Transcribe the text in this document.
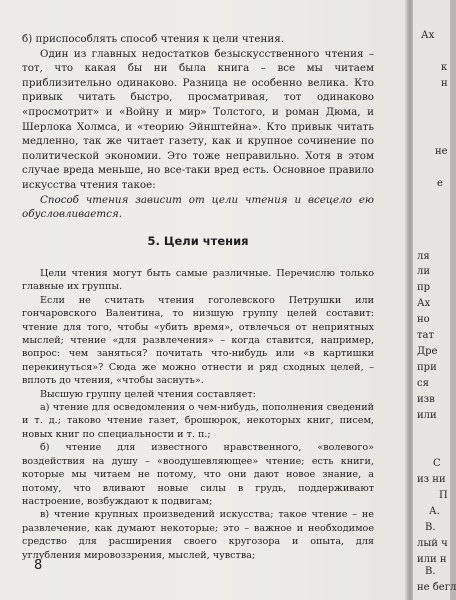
б) приспособлять способ чтения к цели чтения.

Один из главных недостатков безыскусственного чтения – тот, что какая бы ни была книга – все мы читаем приблизительно одинаково. Разница не особенно велика. Кто привык читать быстро, просматривая, тот одинаково «просмотрит» и «Войну и мир» Толстого, и роман Дюма, и Шерлока Холмса, и «теорию Эйнштейна». Кто привык читать медленно, так же читает газету, как и крупное сочинение по политической экономии. Это тоже неправильно. Хотя в этом случае вреда меньше, но все-таки вред есть. Основное правило искусства чтения такое:

Способ чтения зависит от цели чтения и всецело ею обусловливается.

5. Цели чтения

Цели чтения могут быть самые различные. Перечислю только главные их группы.

Если не считать чтения гоголевского Петрушки или гончаровского Валентина, то низшую группу целей составит: чтение для того, чтобы «убить время», отвлечься от неприятных мыслей; чтение «для развлечения» – когда ставится, например, вопрос: чем заняться? почитать что-нибудь или «в картишки перекинуться»? Сюда же можно отнести и ряд сходных целей, – вплоть до чтения, «чтобы заснуть».

Высшую группу целей чтения составляет:

а) чтение для осведомления о чем-нибудь, пополнения сведений и т. д.; таково чтение газет, брошюрок, некоторых книг, писем, новых книг по специальности и т. п.;

б) чтение для известного нравственного, «волевого» воздействия на душу – «воодушевляющее» чтение; есть книги, которые мы читаем не потому, что они дают новое знание, а потому, что вливают новые силы в грудь, поддерживают настроение, возбуждают к подвигам;

в) чтение крупных произведений искусства; такое чтение – не развлечение, как думают некоторые; это – важное и необходимое средство для расширения своего кругозора и опыта, для углубления мировоззрения, мыслей, чувства;

8
Ах
к
н
не
е
ля
ли
пр
Ах
но
тат
Дре
при
ся
изв
или
С
из ни
П
А.
В.
лый ч
или н
В.
не бегл
